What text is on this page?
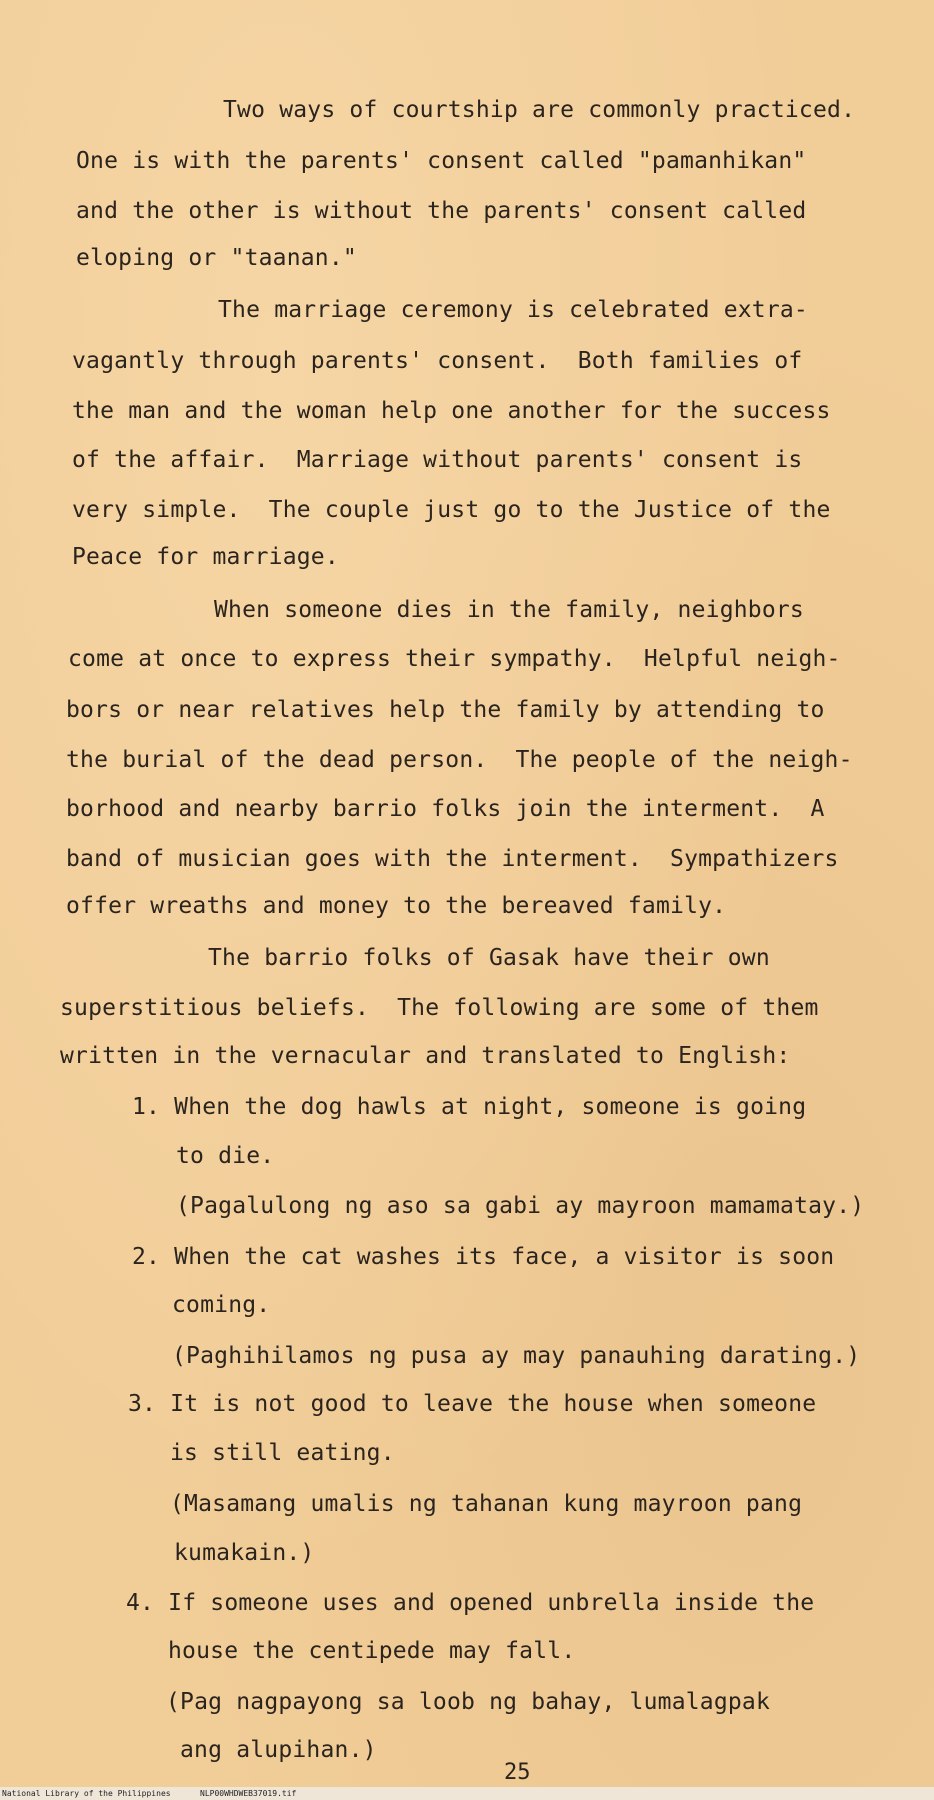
Two ways of courtship are commonly practiced.
One is with the parents' consent called "pamanhikan"
and the other is without the parents' consent called
eloping or "taanan."
The marriage ceremony is celebrated extra-
vagantly through parents' consent.  Both families of
the man and the woman help one another for the success
of the affair.  Marriage without parents' consent is
very simple.  The couple just go to the Justice of the
Peace for marriage.
When someone dies in the family, neighbors
come at once to express their sympathy.  Helpful neigh-
bors or near relatives help the family by attending to
the burial of the dead person.  The people of the neigh-
borhood and nearby barrio folks join the interment.  A
band of musician goes with the interment.  Sympathizers
offer wreaths and money to the bereaved family.
The barrio folks of Gasak have their own
superstitious beliefs.  The following are some of them
written in the vernacular and translated to English:
1. When the dog hawls at night, someone is going
to die.
(Pagalulong ng aso sa gabi ay mayroon mamamatay.)
2. When the cat washes its face, a visitor is soon
coming.
(Paghihilamos ng pusa ay may panauhing darating.)
3. It is not good to leave the house when someone
is still eating.
(Masamang umalis ng tahanan kung mayroon pang
kumakain.)
4. If someone uses and opened unbrella inside the
house the centipede may fall.
(Pag nagpayong sa loob ng bahay, lumalagpak
ang alupihan.)
25
National Library of the Philippines	NLP00WHDWEB37019.tif
